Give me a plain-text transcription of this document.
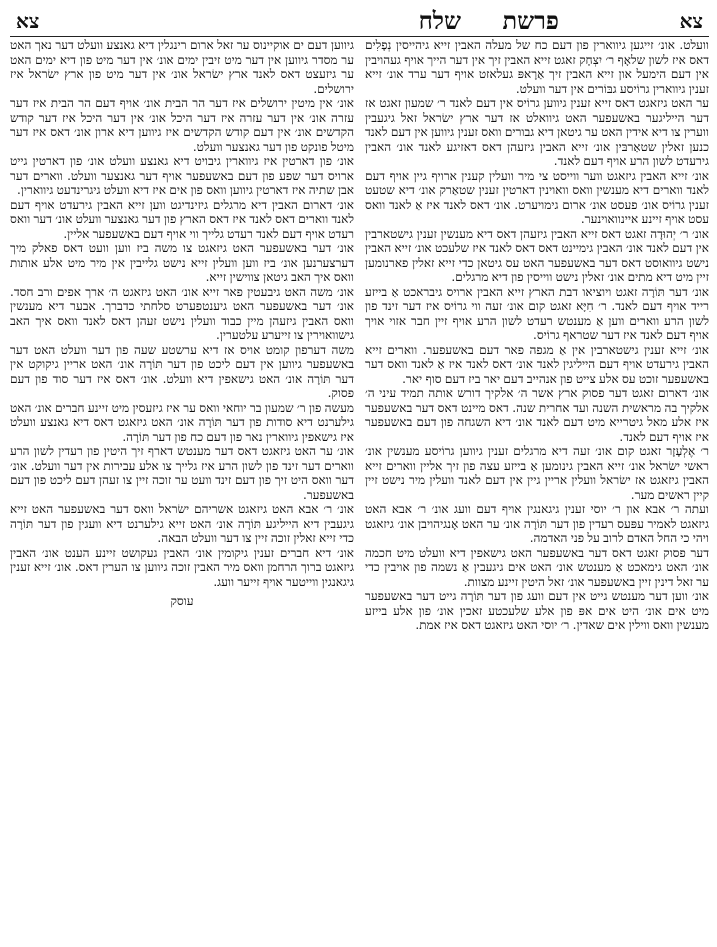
צא
פרשת
שלח
צא

וועלט. אונ׳ זייגען גיווארין פון דעם כח של מעלה האבין זייא גיהייסין נְפָלִים דאס איז לשון שלאָף ר׳ יִצְחָק זאגט זייא האבין זיך אין דער הייך אויף געהויבין אין דעם הימעל און זייא האבין זיך אַרָאפּ געלאזט אויף דער ערד אונ׳ זייא זענין גיווארין גרוֹיסע גבּוֹרים אין דער וועלט.

ער האט גיזאגט דאס זייא זענין גיווען גרוֹיס אין דעם לאנד ר׳ שמעון זאגט אז דער הייליגער באשעפער האט גיוואלט אז דער ארץ ישׂראל זאל גיגעבין ווערין צו דיא אידין האט ער גיטאן דיא גבורים וואס זענין גיווען אין דעם לאנד כנען זאלין שטאַרבּין אונ׳ זייא האבין גיזעהן דאס דאזיגע לאנד אונ׳ האבין גירעדט לשון הרע אויף דעם לאנד.

אונ׳ זייא האבין גיזאגט ווער ווייסט צי מיר וועלין קענין ארויף גיין אויף דעם לאנד ווארים דיא מענשין וואס וואוינין דארטין זענין שטאַרק אונ׳ דיא שטעט זענין גרוֹיס אונ׳ פעסט אונ׳ ארום גימויערט. אונ׳ דאס לאנד איז אַ לאנד וואס עסט אויף זיינע איינוואוינער.

אונ׳ ר׳ יְהוּדָה זאגט דאס זייא האבין גיזעהן דאס דיא מענשין זענין גישטארבין אין דעם לאנד אונ׳ האבין גימיינט דאס דאס לאנד איז שלעכט אונ׳ זייא האבין נישט גיוואוסט דאס דער באשעפער האט עס גיטאן כדי זייא זאלין פארנומען זיין מיט דיא מתים אונ׳ זאלין נישט ווייסין פון דיא מרגלים.

אונ׳ דער תּוֹרָה זאגט ויוציאו דבת הארץ זייא האבין ארויס גיבראכט אַ בייזע רייד אויף דעם לאנד. ר׳ חִיָּא זאגט קום אונ׳ זעה ווי גרוֹיס איז דער זינד פון לשון הרע ווארים ווען אַ מענטש רעדט לשון הרע אויף זיין חבר אזוי אויך אויף דעם לאנד איז דער שטראף גרוֹיס.

אונ׳ זייא זענין גישטארבין אין אַ מגפה פאר דעם באשעפער. ווארים זייא האבין גירעדט אויף דעם הייליגין לאנד אונ׳ דאס לאנד איז אַ לאנד וואס דער באשעפער זוכט עס אלע צייט פון אנהייב דעם יאר ביז דעם סוף יאר.

אונ׳ דארום זאגט דער פסוק ארץ אשר ה׳ אלקיך דורש אותה תמיד עיני ה׳ אלקיך בה מראשית השנה ועד אחרית שנה. דאס מיינט דאס דער באשעפער איז אלע מאל גיטרייא מיט דעם לאנד אונ׳ דיא השגחה פון דעם באשעפער איז אויף דעם לאנד.

ר׳ אֶלְעָזָר זאגט קום אונ׳ זעה דיא מרגלים זענין גיווען גרוֹיסע מענשין אונ׳ ראשי ישׂראל אונ׳ זייא האבין גינומען אַ בייזע עצה פון זיך אליין ווארים זייא האבין גיזאגט אז ישׂראל וועלין אריין גיין אין דעם לאנד וועלין מיר נישט זיין קיין ראשים מער.

ועתה ר׳ אבא און ר׳ יוסי זענין גיגאנגין אויף דעם וועג אונ׳ ר׳ אבא האט גיזאגט לאמיר עפּעס רעדין פון דער תּוֹרָה אונ׳ ער האט אָנגיהויבן אונ׳ גיזאגט ויהי כי החל האדם לרוב על פני האדמה.

דער פסוק זאגט דאס דער באשעפער האט גישאפין דיא וועלט מיט חכמה אונ׳ האט גימאכט אַ מענטש אונ׳ האט אים גיגעבין אַ נשמה פון אויבין כדי ער זאל דינין זיין באשעפער אונ׳ זאל היטין זיינע מצוות.

אונ׳ ווען דער מענטש גייט אין דעם וועג פון דער תּוֹרָה גייט דער באשעפער מיט אים אונ׳ היט אים אפּ פון אלע שלעכטע זאכין אונ׳ פון אלע בייזע מענשין וואס ווילין אים שאדין. ר׳ יוסי האט גיזאגט דאס איז אמת.

גיווען דעם ים אוקיינוס ער זאל ארום רינגלין דיא גאנצע וועלט דער נאך האט ער מסדר גיווען אין דער מיט זיבין ימים אונ׳ אין דער מיט פון דיא ימים האט ער גיזעצט דאס לאנד ארץ ישׂראל אונ׳ אין דער מיט פון ארץ ישׂראל איז ירושלים.

אונ׳ אין מיטין ירושלים איז דער הר הבית אונ׳ אויף דעם הר הבית איז דער עזרה אונ׳ אין דער עזרה איז דער היכל אונ׳ אין דער היכל איז דער קודש הקדשים אונ׳ אין דעם קודש הקדשים איז גיווען דיא ארון אונ׳ דאס איז דער מיטל פונקט פון דער גאנצער וועלט.

אונ׳ פון דארטין איז גיווארין גיבויט דיא גאנצע וועלט אונ׳ פון דארטין גייט ארויס דער שפע פון דעם באשעפער אויף דער גאנצער וועלט. ווארים דער אבן שתיה איז דארטין גיווען וואס פון אים איז דיא וועלט גיגרינדעט גיווארין.

אונ׳ דארום האבין דיא מרגלים גיזינדיגט ווען זייא האבין גירעדט אויף דעם לאנד ווארים דאס לאנד איז דאס הארץ פון דער גאנצער וועלט אונ׳ דער וואס רעדט אויף דעם לאנד רעדט גלייך ווי אויף דעם באשעפער אליין.

אונ׳ דער באשעפער האט גיזאגט צו משה ביז ווען וועט דאס פאלק מיך דערצערנען אונ׳ ביז ווען וועלין זייא נישט גלייבין אין מיר מיט אלע אותות וואס איך האב גיטאן צווישין זייא.

אונ׳ משה האט גיבעטין פאר זייא אונ׳ האט גיזאגט ה׳ ארך אפים ורב חסד. אונ׳ דער באשעפער האט גיענטפערט סלחתי כדברך. אבער דיא מענשין וואס האבין גיזעהן מיין כבוד וועלין נישט זעהן דאס לאנד וואס איך האב גישוואוירין צו זייערע עלטערין.

משה דערפון קומט אויס אז דיא ערשטע שעה פון דער וועלט האט דער באשעפער גיווען אין דעם ליכט פון דער תּוֹרָה אונ׳ האט אריין גיקוקט אין דער תּוֹרָה אונ׳ האט גישאפין דיא וועלט. אונ׳ דאס איז דער סוד פון דעם פסוק.

מעשה פון ר׳ שמעון בר יוחאי וואס ער איז גיזעסין מיט זיינע חברים אונ׳ האט גילערנט דיא סודות פון דער תּוֹרָה אונ׳ האט גיזאגט דאס דיא גאנצע וועלט איז גישאפין גיווארין נאר פון דעם כח פון דער תּוֹרָה.

אונ׳ ער האט גיזאגט דאס דער מענטש דארף זיך היטין פון רעדין לשון הרע ווארים דער זינד פון לשון הרע איז גלייך צו אלע עבירות אין דער וועלט. אונ׳ דער וואס היט זיך פון דעם זינד וועט ער זוכה זיין צו זעהן דעם ליכט פון דעם באשעפער.

אונ׳ ר׳ אבא האט גיזאגט אשריהם ישׂראל וואס דער באשעפער האט זייא גיגעבין דיא הייליגע תּוֹרָה אונ׳ האט זייא גילערנט דיא וועגין פון דער תּוֹרָה כדי זייא זאלין זוכה זיין צו דער וועלט הבאה.

אונ׳ דיא חברים זענין גיקומין אונ׳ האבין געקושט זיינע הענט אונ׳ האבין גיזאגט ברוך הרחמן וואס מיר האבין זוכה גיווען צו הערין דאס. אונ׳ זייא זענין גיגאנגין ווייטער אויף זייער וועג.

עוסק
